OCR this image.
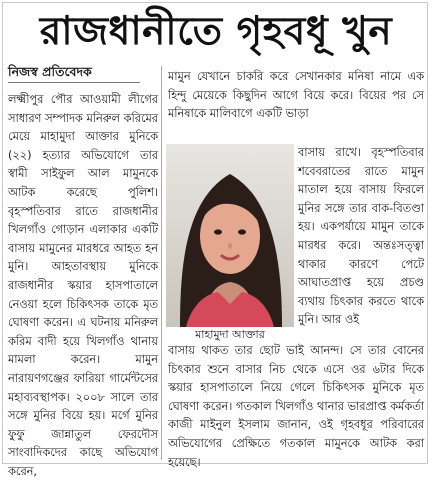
রাজধানীতে গৃহবধূ খুন
নিজস্ব প্রতিবেদক

লক্ষ্মীপুর পৌর আওয়ামী লীগের সাধারণ সম্পাদক মনিরুল করিমের মেয়ে মাহামুদা আক্তার মুনিকে (২২) হত্যার অভিযোগে তার স্বামী সাইফুল আল মামুনকে আটক করেছে পুলিশ। বৃহস্পতিবার রাতে রাজধানীর খিলগাঁও গোড়ান এলাকার একটি বাসায় মামুনের মারধরে আহত হন মুনি। আহতাবস্থায় মুনিকে রাজধানীর স্কয়ার হাসপাতালে নেওয়া হলে চিকিৎসক তাকে মৃত ঘোষণা করেন। এ ঘটনায় মনিরুল করিম বাদী হয়ে খিলগাঁও থানায় মামলা করেন। মামুন নারায়ণগঞ্জের ফারিয়া গার্মেন্টসের মহাব্যবস্থাপক। ২০০৮ সালে তার সঙ্গে মুনির বিয়ে হয়। মর্গে মুনির ফুফু জান্নাতুল ফেরদৌস সাংবাদিকদের কাছে অভিযোগ করেন,

মামুন যেখানে চাকরি করে সেখানকার মনিষা নামে এক হিন্দু মেয়েকে কিছুদিন আগে বিয়ে করে। বিয়ের পর সে মনিষাকে মালিবাগে একটি ভাড়া

মাহামুদা আক্তার

বাসায় রাখে। বৃহস্পতিবার শবেবরাতের রাতে মামুন মাতাল হয়ে বাসায় ফিরলে মুনির সঙ্গে তার বাক-বিতণ্ডা হয়। একপর্যায়ে মামুন তাকে মারধর করে। অন্তঃসত্ত্বা থাকার কারণে পেটে আঘাতপ্রাপ্ত হয়ে প্রচণ্ড ব্যথায় চিৎকার করতে থাকে মুনি। আর ওই

বাসায় থাকত তার ছোট ভাই আনন্দ। সে তার বোনের চিৎকার শুনে বাসার নিচ থেকে এসে ওর ৬টার দিকে স্কয়ার হাসপাতালে নিয়ে গেলে চিকিৎসক মুনিকে মৃত ঘোষণা করেন। গতকাল খিলগাঁও থানার ভারপ্রাপ্ত কর্মকর্তা কাজী মাইনুল ইসলাম জানান, ওই গৃহবধূর পরিবারের অভিযোগের প্রেক্ষিতে গতকাল মামুনকে আটক করা হয়েছে।
